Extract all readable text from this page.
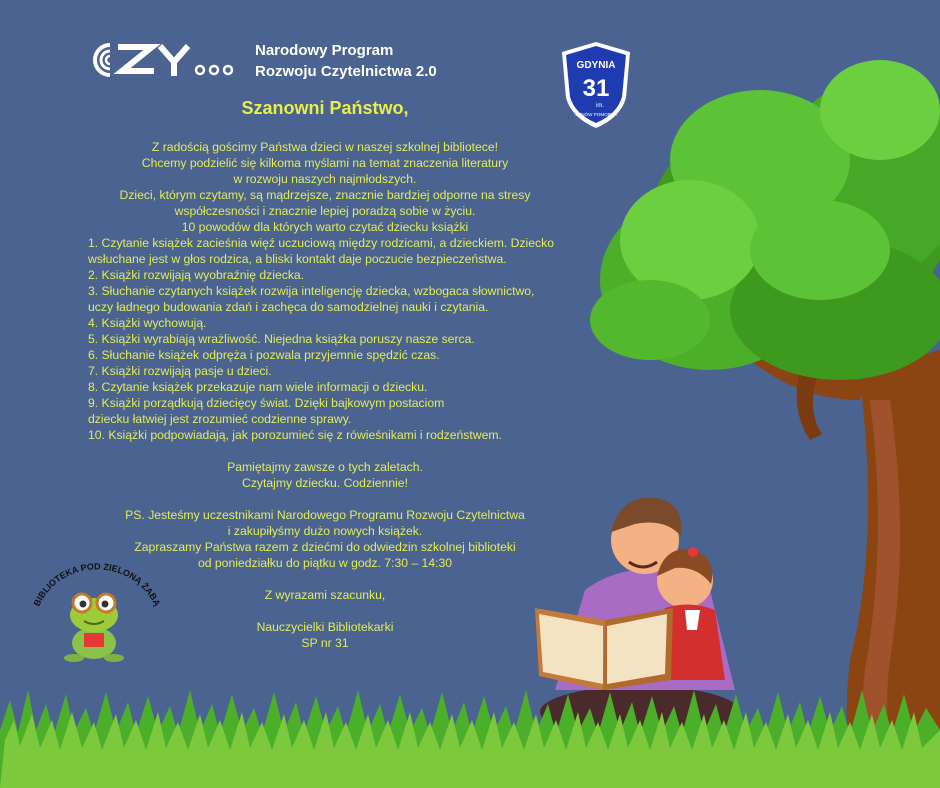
Narodowy Program
Rozwoju Czytelnictwa 2.0	GDYNIA
31
im.
SYNÓW POMORZA
Szanowni Państwo,
Z radością gościmy Państwa dzieci w naszej szkolnej bibliotece!
Chcemy podzielić się kilkoma myślami na temat znaczenia literatury
w rozwoju naszych najmłodszych.
Dzieci, którym czytamy, są mądrzejsze, znacznie bardziej odporne na stresy
współczesności i znacznie lepiej poradzą sobie w życiu.
10 powodów dla których warto czytać dziecku książki
1. Czytanie książek zacieśnia więź uczuciową między rodzicami, a dzieckiem. Dziecko
wsłuchane jest w głos rodzica, a bliski kontakt daje poczucie bezpieczeństwa.
2. Książki rozwijają wyobraźnię dziecka.
3. Słuchanie czytanych książek rozwija inteligencję dziecka, wzbogaca słownictwo,
uczy ładnego budowania zdań i zachęca do samodzielnej nauki i czytania.
4. Książki wychowują.
5. Książki wyrabiają wrażliwość. Niejedna książka poruszy nasze serca.
6. Słuchanie książek odpręża i pozwala przyjemnie spędzić czas.
7. Książki rozwijają pasje u dzieci.
8. Czytanie książek przekazuje nam wiele informacji o dziecku.
9. Książki porządkują dziecięcy świat. Dzięki bajkowym postaciom
dziecku łatwiej jest zrozumieć codzienne sprawy.
10. Książki podpowiadają, jak porozumieć się z rówieśnikami i rodzeństwem.
Pamiętajmy zawsze o tych zaletach.
Czytajmy dziecku. Codziennie!
PS. Jesteśmy uczestnikami Narodowego Programu Rozwoju Czytelnictwa
i zakupiłyśmy dużo nowych książek.
Zapraszamy Państwa razem z dziećmi do odwiedzin szkolnej biblioteki
od poniedziałku do piątku w godz. 7:30 – 14:30
Z wyrazami szacunku,
Nauczycielki Bibliotekarki
SP nr 31
BIBLIOTEKA POD ZIELONĄ ŻABĄ
